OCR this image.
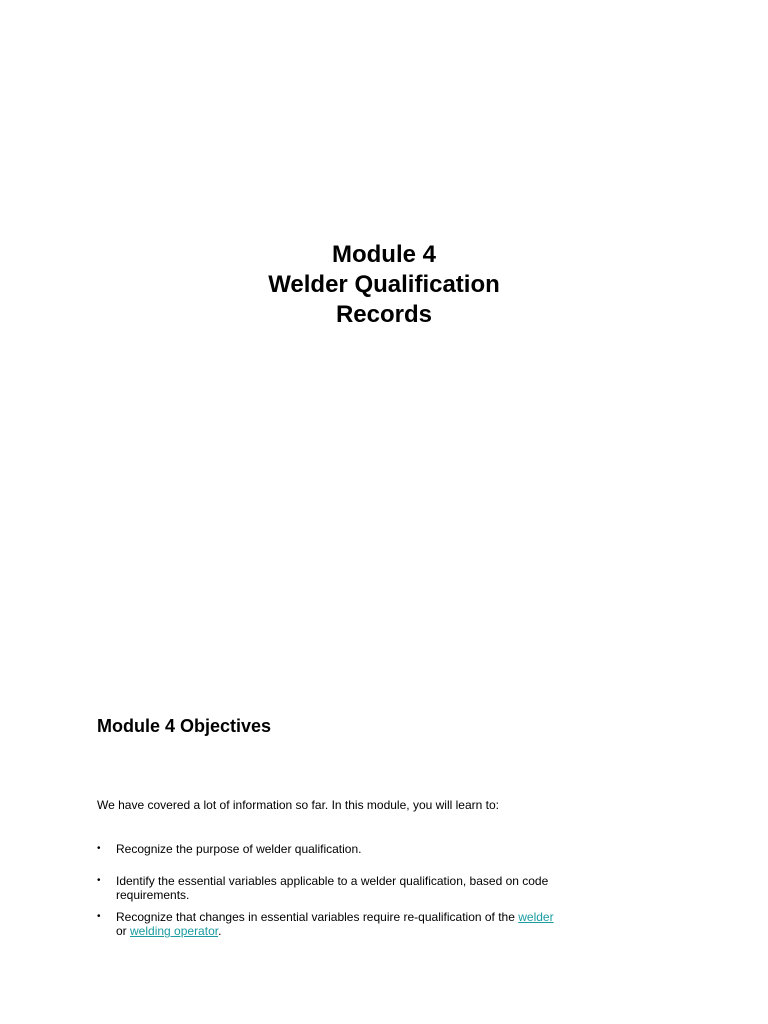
Module 4
Welder Qualification
Records
Module 4 Objectives

We have covered a lot of information so far. In this module, you will learn to:

• Recognize the purpose of welder qualification.
• Identify the essential variables applicable to a welder qualification, based on code requirements.
• Recognize that changes in essential variables require re-qualification of the welder or welding operator.
